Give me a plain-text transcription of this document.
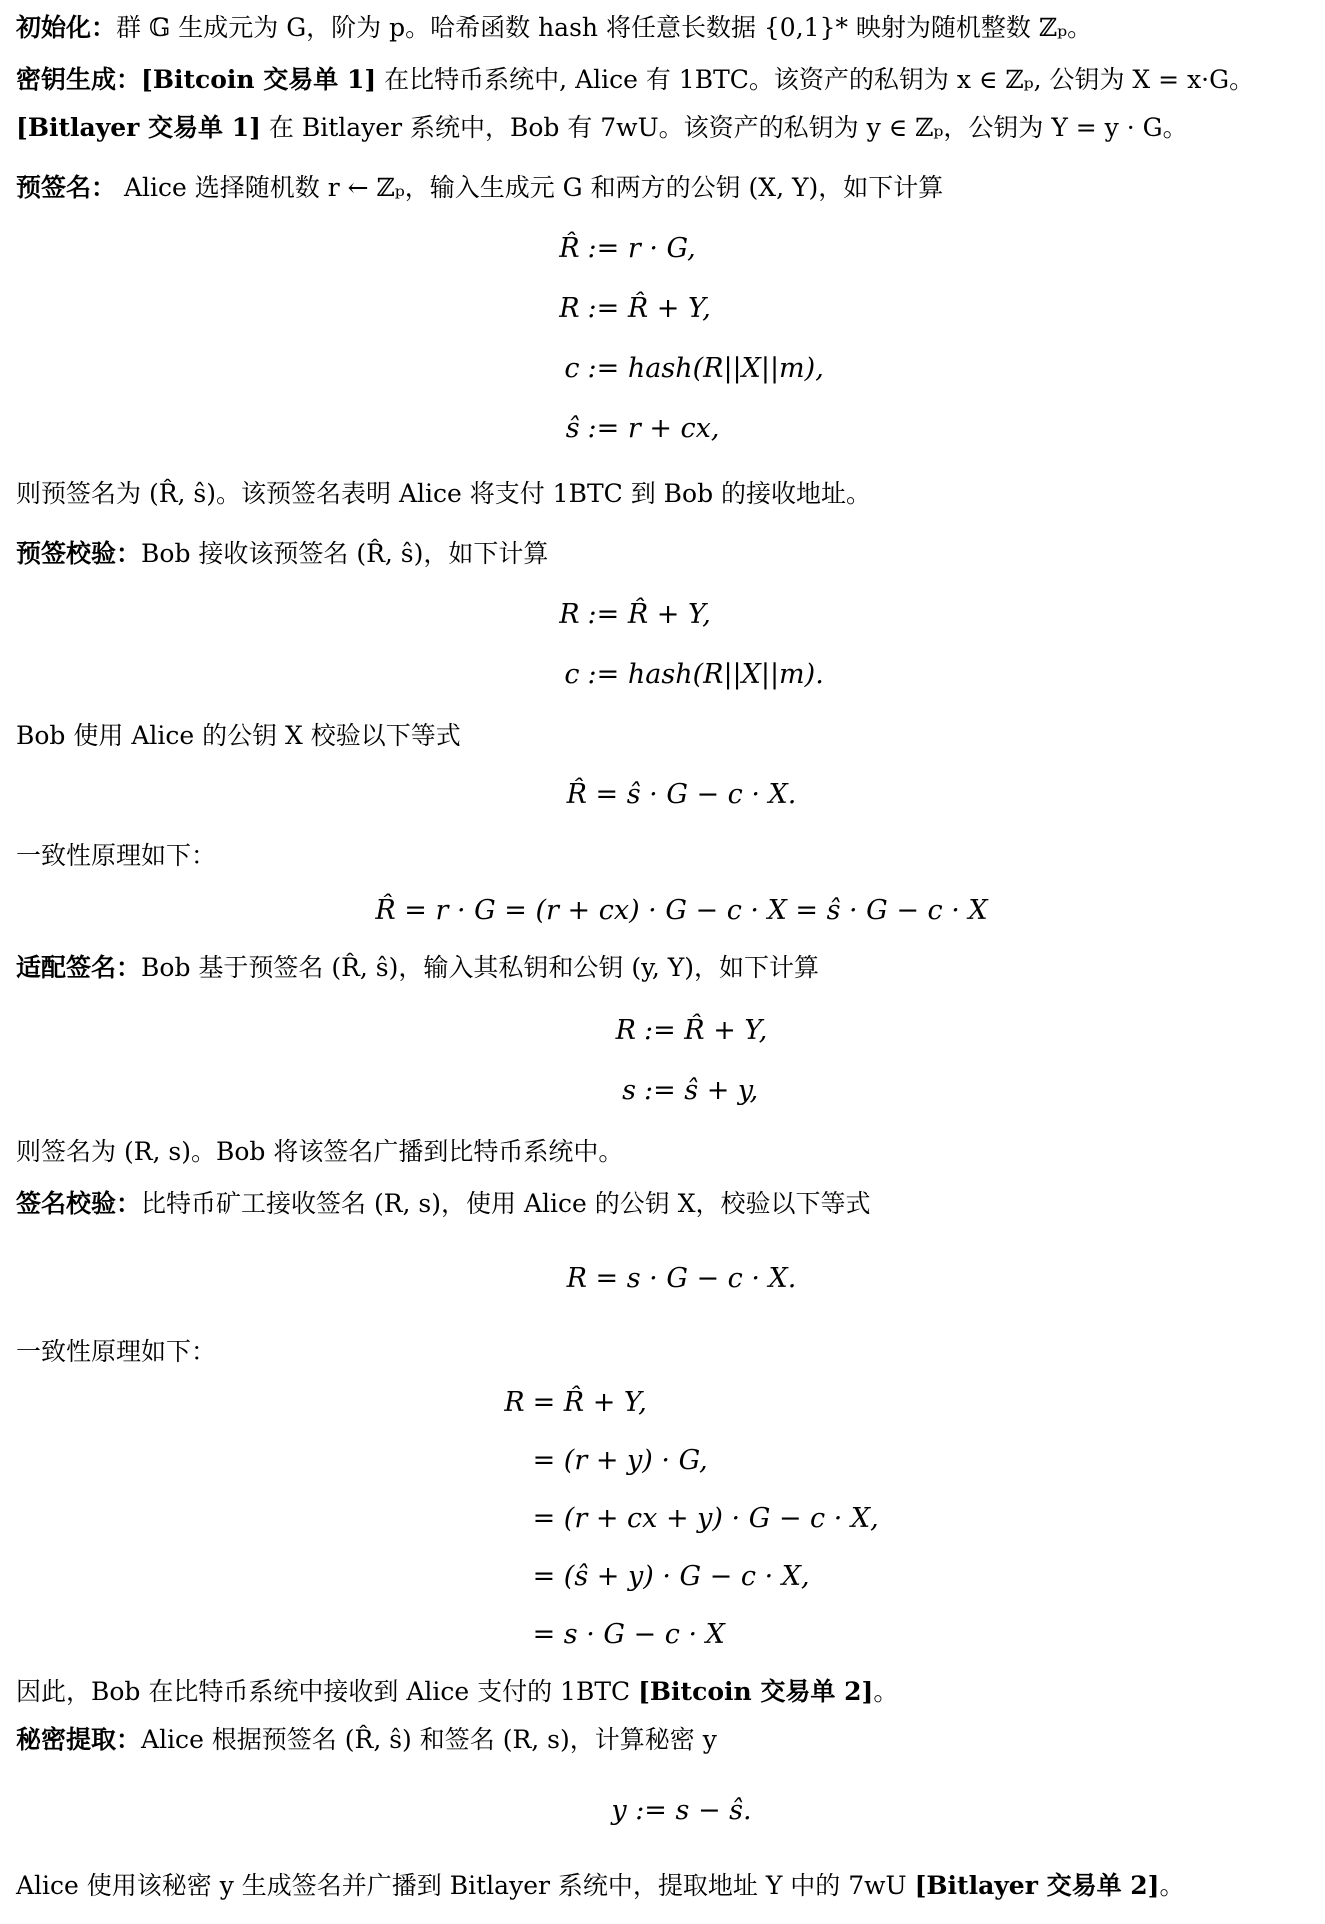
初始化：群 𝔾 生成元为 G，阶为 p。哈希函数 hash 将任意长数据 {0,1}* 映射为随机整数 ℤₚ。

密钥生成：[Bitcoin 交易单 1] 在比特币系统中, Alice 有 1BTC。该资产的私钥为 x ∈ ℤₚ, 公钥为 X = x·G。

[Bitlayer 交易单 1] 在 Bitlayer 系统中，Bob 有 7wU。该资产的私钥为 y ∈ ℤₚ，公钥为 Y = y · G。

预签名： Alice 选择随机数 r ← ℤₚ，输入生成元 G 和两方的公钥 (X, Y)，如下计算

R̂ := r · G,
R := R̂ + Y,
c := hash(R||X||m),
ŝ := r + cx,

则预签名为 (R̂, ŝ)。该预签名表明 Alice 将支付 1BTC 到 Bob 的接收地址。

预签校验：Bob 接收该预签名 (R̂, ŝ)，如下计算

R := R̂ + Y,
c := hash(R||X||m).

Bob 使用 Alice 的公钥 X 校验以下等式

R̂ = ŝ · G − c · X.

一致性原理如下：

R̂ = r · G = (r + cx) · G − c · X = ŝ · G − c · X

适配签名：Bob 基于预签名 (R̂, ŝ)，输入其私钥和公钥 (y, Y)，如下计算

R := R̂ + Y,
s := ŝ + y,

则签名为 (R, s)。Bob 将该签名广播到比特币系统中。

签名校验：比特币矿工接收签名 (R, s)，使用 Alice 的公钥 X，校验以下等式

R = s · G − c · X.

一致性原理如下：

R = R̂ + Y,
= (r + y) · G,
= (r + cx + y) · G − c · X,
= (ŝ + y) · G − c · X,
= s · G − c · X

因此，Bob 在比特币系统中接收到 Alice 支付的 1BTC [Bitcoin 交易单 2]。

秘密提取：Alice 根据预签名 (R̂, ŝ) 和签名 (R, s)，计算秘密 y

y := s − ŝ.

Alice 使用该秘密 y 生成签名并广播到 Bitlayer 系统中，提取地址 Y 中的 7wU [Bitlayer 交易单 2]。
